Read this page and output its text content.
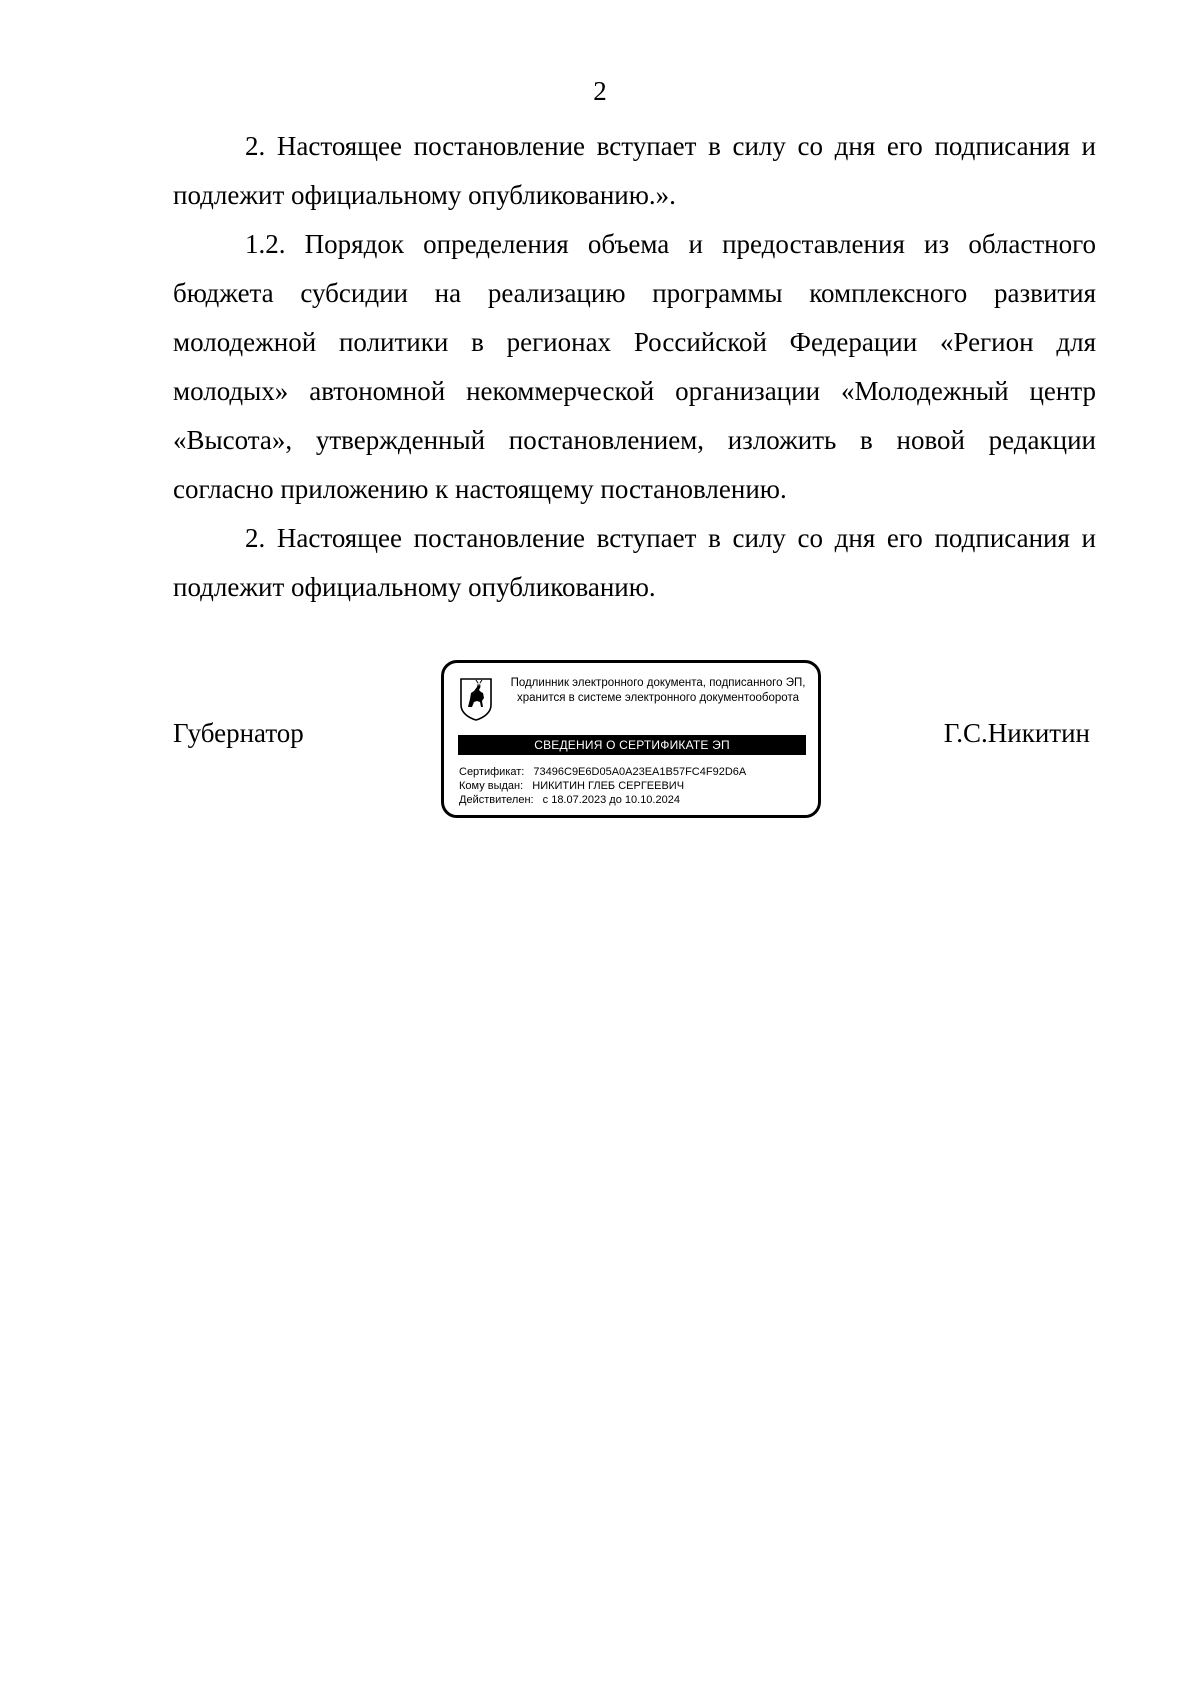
2

2. Настоящее постановление вступает в силу со дня его подписания и подлежит официальному опубликованию.».

1.2. Порядок определения объема и предоставления из областного бюджета субсидии на реализацию программы комплексного развития молодежной политики в регионах Российской Федерации «Регион для молодых» автономной некоммерческой организации «Молодежный центр «Высота», утвержденный постановлением, изложить в новой редакции согласно приложению к настоящему постановлению.

2. Настоящее постановление вступает в силу со дня его подписания и подлежит официальному опубликованию.

Губернатор
Подлинник электронного документа, подписанного ЭП,
хранится в системе электронного документооборота
СВЕДЕНИЯ О СЕРТИФИКАТЕ ЭП
Сертификат: 73496C9E6D05A0A23EA1B57FC4F92D6A
Кому выдан: НИКИТИН ГЛЕБ СЕРГЕЕВИЧ
Действителен: с 18.07.2023 до 10.10.2024
Г.С.Никитин
